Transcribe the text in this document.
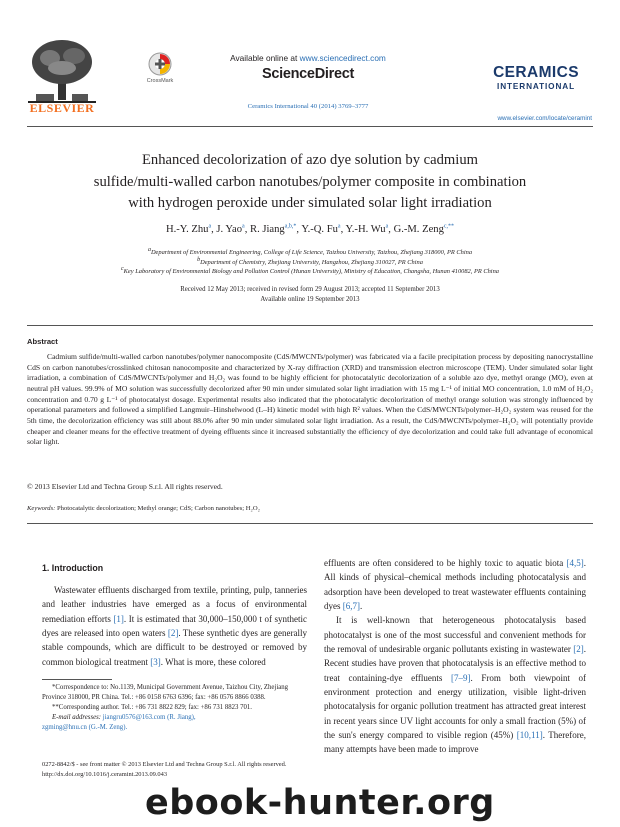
ELSEVIER
CrossMark
Available online at www.sciencedirect.com
ScienceDirect
Ceramics International 40 (2014) 3769–3777
CERAMICS
INTERNATIONAL
www.elsevier.com/locate/ceramint
Enhanced decolorization of azo dye solution by cadmium
sulfide/multi-walled carbon nanotubes/polymer composite in combination
with hydrogen peroxide under simulated solar light irradiation
H.-Y. Zhu$^a$, J. Yao$^a$, R. Jiang$^{a,b,*}$, Y.-Q. Fu$^a$, Y.-H. Wu$^a$, G.-M. Zeng$^{c,**}$
aDepartment of Environmental Engineering, College of Life Science, Taizhou University, Taizhou, Zhejiang 318000, PR China
bDepartment of Chemistry, Zhejiang University, Hangzhou, Zhejiang 310027, PR China
cKey Laboratory of Environmental Biology and Pollution Control (Hunan University), Ministry of Education, Changsha, Hunan 410082, PR China
Received 12 May 2013; received in revised form 29 August 2013; accepted 11 September 2013
Available online 19 September 2013
Abstract

Cadmium sulfide/multi-walled carbon nanotubes/polymer nanocomposite (CdS/MWCNTs/polymer) was fabricated via a facile precipitation process by depositing nanocrystalline CdS on carbon nanotubes/crosslinked chitosan nanocomposite and characterized by X-ray diffraction (XRD) and transmission electron microscope (TEM). Under simulated solar light irradiation, a combination of CdS/MWCNTs/polymer and H₂O₂ was found to be highly efficient for photocatalytic decolorization of a soluble azo dye, methyl orange (MO), even at neutral pH values. 99.9% of MO solution was successfully decolorized after 90 min under simulated solar light irradiation with 15 mg L⁻¹ of initial MO concentration, 1.0 mM of H₂O₂ concentration and 0.70 g L⁻¹ of photocatalyst dosage. Experimental results also indicated that the photocatalytic decolorization of methyl orange solution was strongly influenced by operational parameters and followed a simplified Langmuir–Hinshelwood (L–H) kinetic model with high R² values. When the CdS/MWCNTs/polymer–H₂O₂ system was reused for the 5th time, the decolorization efficiency was still about 88.0% after 90 min under simulated solar light irradiation. As a result, the CdS/MWCNTs/polymer–H₂O₂ will potentially provide cheaper and cleaner means for the effective treatment of dyeing effluents since it increased substantially the efficiency of dye decolorization and could take full advantage of economical solar light.

© 2013 Elsevier Ltd and Techna Group S.r.l. All rights reserved.
Keywords: Photocatalytic decolorization; Methyl orange; CdS; Carbon nanotubes; H₂O₂
1. Introduction

Wastewater effluents discharged from textile, printing, pulp, tanneries and leather industries have emerged as a focus of environmental remediation efforts [1]. It is estimated that 30,000–150,000 t of synthetic dyes are released into open waters [2]. These synthetic dyes are generally stable compounds, which are difficult to be destroyed or removed by common biological treatment [3]. What is more, these colored

*Correspondence to: No.1139, Municipal Government Avenue, Taizhou City, Zhejiang Province 318000, PR China. Tel.: +86 0158 6763 6396; fax: +86 0576 8866 0388.

**Corresponding author. Tel.: +86 731 8822 829; fax: +86 731 8823 701.

E-mail addresses: jiangru0576@163.com (R. Jiang),

zgming@hnu.cn (G.-M. Zeng).

effluents are often considered to be highly toxic to aquatic biota [4,5]. All kinds of physical–chemical methods including photocatalysis and adsorption have been developed to treat wastewater effluents containing dyes [6,7].

It is well-known that heterogeneous photocatalysis based photocatalyst is one of the most successful and convenient methods for the removal of undesirable organic pollutants existing in wastewater [2]. Recent studies have proven that photocatalysis is an effective method to treat containing-dye effluents [7–9]. From both viewpoint of environment protection and energy utilization, visible light-driven photocatalysis for organic pollution treatment has attracted great interest in recent years since UV light accounts for only a small fraction (5%) of the sun's energy compared to visible region (45%) [10,11]. Therefore, many attempts have been made to improve

0272-8842/$ - see front matter © 2013 Elsevier Ltd and Techna Group S.r.l. All rights reserved.
http://dx.doi.org/10.1016/j.ceramint.2013.09.043
ebook-hunter.org
